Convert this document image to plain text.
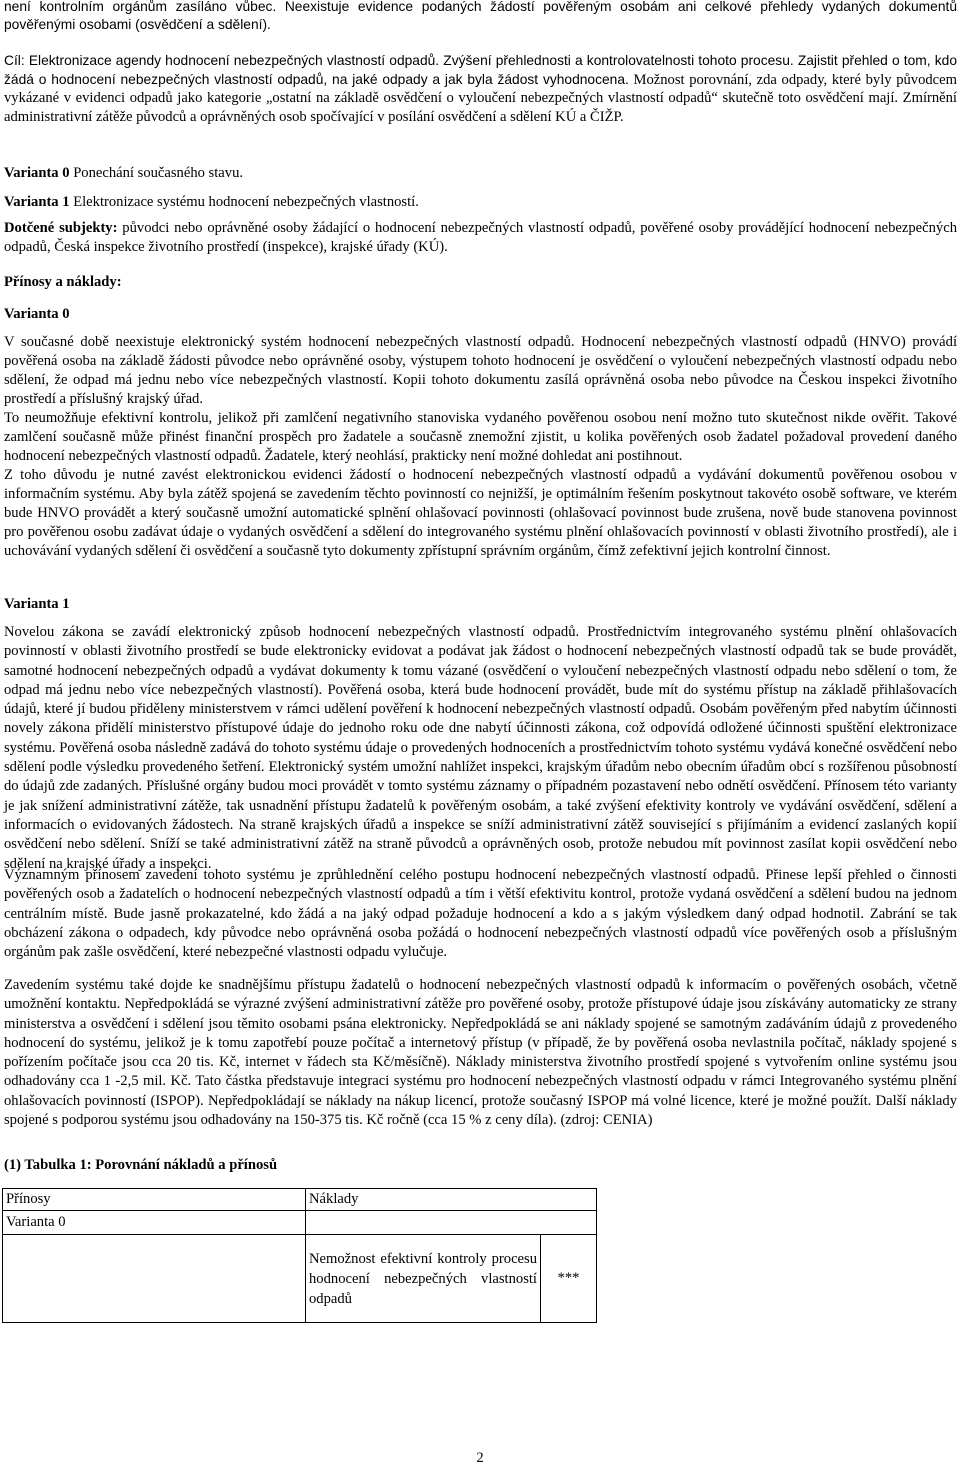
není kontrolním orgánům zasíláno vůbec. Neexistuje evidence podaných žádostí pověřeným osobám ani celkové přehledy vydaných dokumentů pověřenými osobami (osvědčení a sdělení).

Cíl: Elektronizace agendy hodnocení nebezpečných vlastností odpadů. Zvýšení přehlednosti a kontrolovatelnosti tohoto procesu. Zajistit přehled o tom, kdo žádá o hodnocení nebezpečných vlastností odpadů, na jaké odpady a jak byla žádost vyhodnocena. Možnost porovnání, zda odpady, které byly původcem vykázané v evidenci odpadů jako kategorie „ostatní na základě osvědčení o vyloučení nebezpečných vlastností odpadů“ skutečně toto osvědčení mají. Zmírnění administrativní zátěže původců a oprávněných osob spočívající v posílání osvědčení a sdělení KÚ a ČIŽP.

Varianta 0 Ponechání současného stavu.

Varianta 1 Elektronizace systému hodnocení nebezpečných vlastností.

Dotčené subjekty: původci nebo oprávněné osoby žádající o hodnocení nebezpečných vlastností odpadů, pověřené osoby provádějící hodnocení nebezpečných odpadů, Česká inspekce životního prostředí (inspekce), krajské úřady (KÚ).

Přínosy a náklady:

Varianta 0

V současné době neexistuje elektronický systém hodnocení nebezpečných vlastností odpadů. Hodnocení nebezpečných vlastností odpadů (HNVO) provádí pověřená osoba na základě žádosti původce nebo oprávněné osoby, výstupem tohoto hodnocení je osvědčení o vyloučení nebezpečných vlastností odpadu nebo sdělení, že odpad má jednu nebo více nebezpečných vlastností. Kopii tohoto dokumentu zasílá oprávněná osoba nebo původce na Českou inspekci životního prostředí a příslušný krajský úřad.

To neumožňuje efektivní kontrolu, jelikož při zamlčení negativního stanoviska vydaného pověřenou osobou není možno tuto skutečnost nikde ověřit. Takové zamlčení současně může přinést finanční prospěch pro žadatele a současně znemožní zjistit, u kolika pověřených osob žadatel požadoval provedení daného hodnocení nebezpečných vlastností odpadů. Žadatele, který neohlásí, prakticky není možné dohledat ani postihnout.

Z toho důvodu je nutné zavést elektronickou evidenci žádostí o hodnocení nebezpečných vlastností odpadů a vydávání dokumentů pověřenou osobou v informačním systému. Aby byla zátěž spojená se zavedením těchto povinností co nejnižší, je optimálním řešením poskytnout takovéto osobě software, ve kterém bude HNVO provádět a který současně umožní automatické splnění ohlašovací povinnosti (ohlašovací povinnost bude zrušena, nově bude stanovena povinnost pro pověřenou osobu zadávat údaje o vydaných osvědčení a sdělení do integrovaného systému plnění ohlašovacích povinností v oblasti životního prostředí), ale i uchovávání vydaných sdělení či osvědčení a současně tyto dokumenty zpřístupní správním orgánům, čímž zefektivní jejich kontrolní činnost.

Varianta 1

Novelou zákona se zavádí elektronický způsob hodnocení nebezpečných vlastností odpadů. Prostřednictvím integrovaného systému plnění ohlašovacích povinností v oblasti životního prostředí se bude elektronicky evidovat a podávat jak žádost o hodnocení nebezpečných vlastností odpadů tak se bude provádět, samotné hodnocení nebezpečných odpadů a vydávat dokumenty k tomu vázané (osvědčení o vyloučení nebezpečných vlastností odpadu nebo sdělení o tom, že odpad má jednu nebo více nebezpečných vlastností). Pověřená osoba, která bude hodnocení provádět, bude mít do systému přístup na základě přihlašovacích údajů, které jí budou přiděleny ministerstvem v rámci udělení pověření k hodnocení nebezpečných vlastností odpadů. Osobám pověřeným před nabytím účinnosti novely zákona přidělí ministerstvo přístupové údaje do jednoho roku ode dne nabytí účinnosti zákona, což odpovídá odložené účinnosti spuštění elektronizace systému. Pověřená osoba následně zadává do tohoto systému údaje o provedených hodnoceních a prostřednictvím tohoto systému vydává konečné osvědčení nebo sdělení podle výsledku provedeného šetření. Elektronický systém umožní nahlížet inspekci, krajským úřadům nebo obecním úřadům obcí s rozšířenou působností do údajů zde zadaných. Příslušné orgány budou moci provádět v tomto systému záznamy o případném pozastavení nebo odnětí osvědčení. Přínosem této varianty je jak snížení administrativní zátěže, tak usnadnění přístupu žadatelů k pověřeným osobám, a také zvýšení efektivity kontroly ve vydávání osvědčení, sdělení a informacích o evidovaných žádostech. Na straně krajských úřadů a inspekce se sníží administrativní zátěž související s přijímáním a evidencí zaslaných kopií osvědčení nebo sdělení. Sníží se také administrativní zátěž na straně původců a oprávněných osob, protože nebudou mít povinnost zasílat kopii osvědčení nebo sdělení na krajské úřady a inspekci.

Významným přínosem zavedení tohoto systému je zprůhlednění celého postupu hodnocení nebezpečných vlastností odpadů. Přinese lepší přehled o činnosti pověřených osob a žadatelích o hodnocení nebezpečných vlastností odpadů a tím i větší efektivitu kontrol, protože vydaná osvědčení a sdělení budou na jednom centrálním místě. Bude jasně prokazatelné, kdo žádá a na jaký odpad požaduje hodnocení a kdo a s jakým výsledkem daný odpad hodnotil. Zabrání se tak obcházení zákona o odpadech, kdy původce nebo oprávněná osoba požádá o hodnocení nebezpečných vlastností odpadů více pověřených osob a příslušným orgánům pak zašle osvědčení, které nebezpečné vlastnosti odpadu vylučuje.

Zavedením systému také dojde ke snadnějšímu přístupu žadatelů o hodnocení nebezpečných vlastností odpadů k informacím o pověřených osobách, včetně umožnění kontaktu. Nepředpokládá se výrazné zvýšení administrativní zátěže pro pověřené osoby, protože přístupové údaje jsou získávány automaticky ze strany ministerstva a osvědčení i sdělení jsou těmito osobami psána elektronicky. Nepředpokládá se ani náklady spojené se samotným zadáváním údajů z provedeného hodnocení do systému, jelikož je k tomu zapotřebí pouze počítač a internetový přístup (v případě, že by pověřená osoba nevlastnila počítač, náklady spojené s pořízením počítače jsou cca 20 tis. Kč, internet v řádech sta Kč/měsíčně). Náklady ministerstva životního prostředí spojené s vytvořením online systému jsou odhadovány cca 1 -2,5 mil. Kč. Tato částka představuje integraci systému pro hodnocení nebezpečných vlastností odpadu v rámci Integrovaného systému plnění ohlašovacích povinností (ISPOP). Nepředpokládají se náklady na nákup licencí, protože současný ISPOP má volné licence, které je možné použít. Další náklady spojené s podporou systému jsou odhadovány na 150-375 tis. Kč ročně (cca 15 % z ceny díla). (zdroj: CENIA)

(1) Tabulka 1: Porovnání nákladů a přínosů

Přínosy	Náklady	
Varianta 0		
	Nemožnost efektivní kontroly procesu hodnocení nebezpečných vlastností odpadů	***
2
